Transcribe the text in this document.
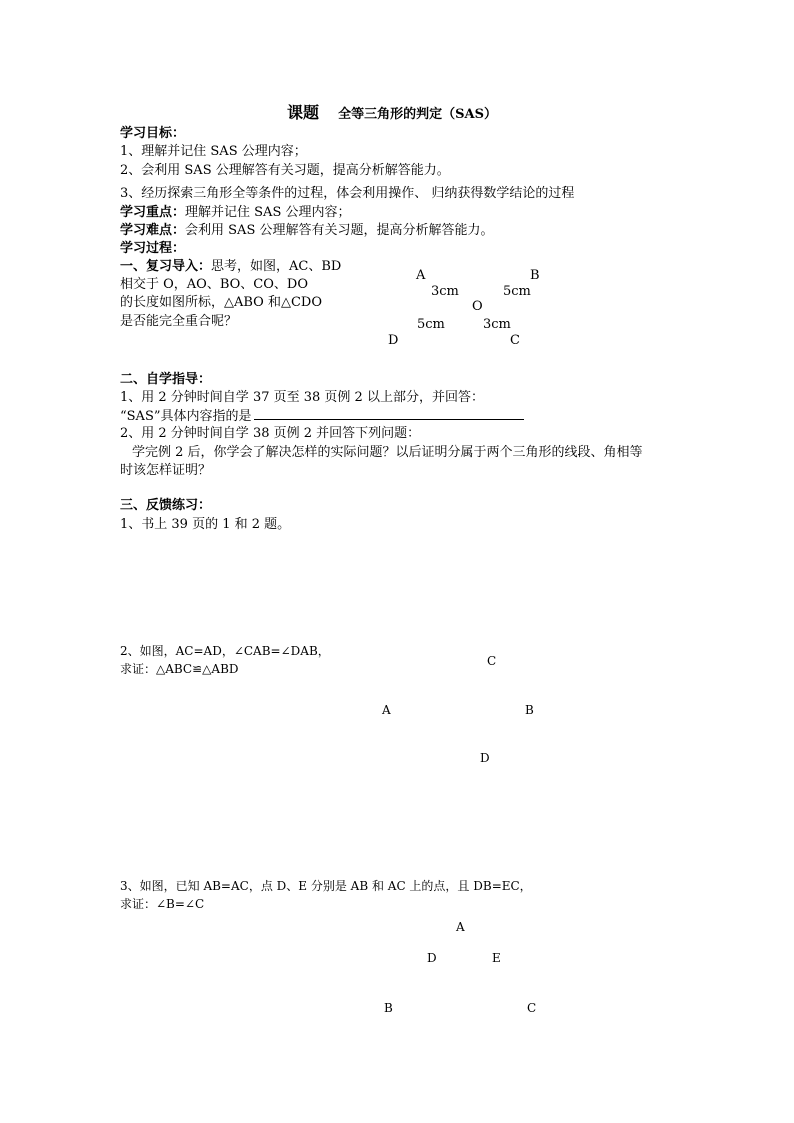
课题 全等三角形的判定（SAS）
学习目标：
1、理解并记住 SAS 公理内容；
2、会利用 SAS 公理解答有关习题，提高分析解答能力。
3、经历探索三角形全等条件的过程，体会利用操作、 归纳获得数学结论的过程
学习重点：理解并记住 SAS 公理内容；
学习难点：会利用 SAS 公理解答有关习题，提高分析解答能力。
学习过程：
一、复习导入：思考，如图，AC、BD
相交于 O，AO、BO、CO、DO
的长度如图所标，△ABO 和△CDO
是否能完全重合呢？
A	B
3cm	5cm
O
5cm	3cm
D	C
二、自学指导：
1、用 2 分钟时间自学 37 页至 38 页例 2 以上部分，并回答：
“SAS”具体内容指的是
2、用 2 分钟时间自学 38 页例 2 并回答下列问题：
学完例 2 后，你学会了解决怎样的实际问题？以后证明分属于两个三角形的线段、角相等
时该怎样证明？
三、反馈练习：
1、书上 39 页的 1 和 2 题。
2、如图，AC=AD，∠CAB=∠DAB，
求证：△ABC≌△ABD
C
A	B
D
3、如图，已知 AB=AC，点 D、E 分别是 AB 和 AC 上的点，且 DB=EC，
求证：∠B=∠C
A
D	E
B	C
